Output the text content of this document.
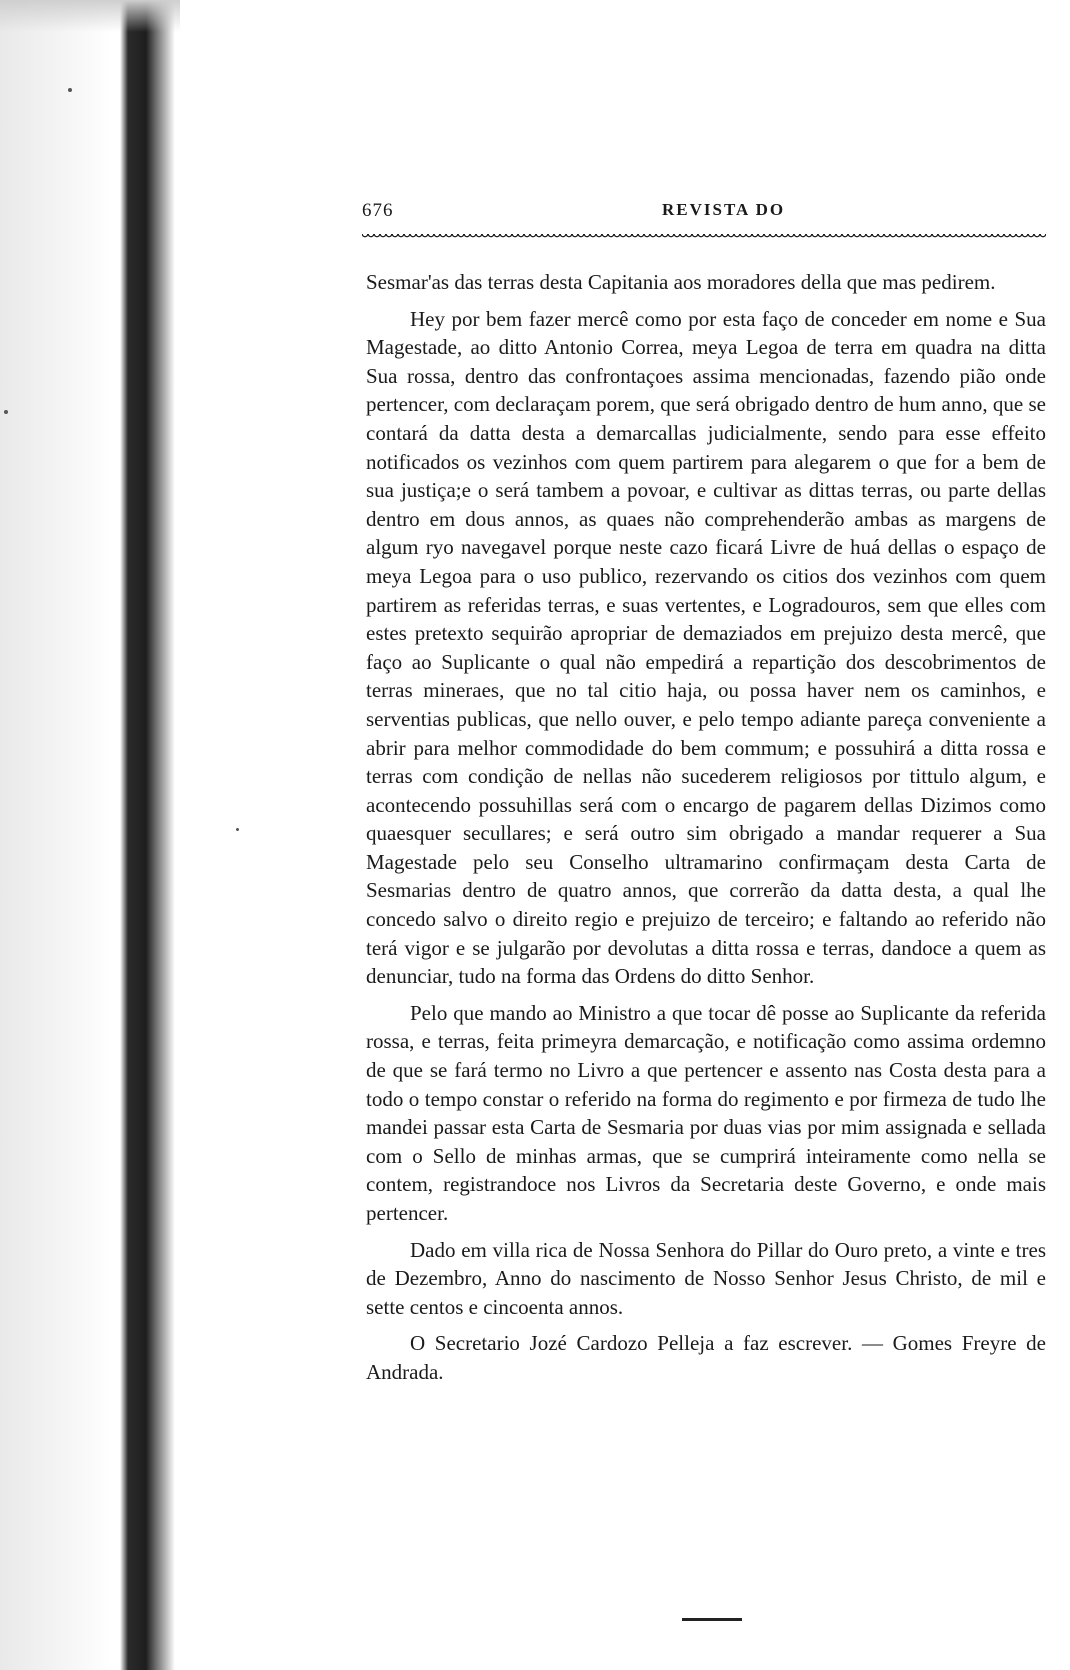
676	REVISTA DO

Sesmar'as das terras desta Capitania aos moradores della que mas pedirem.

Hey por bem fazer mercê como por esta faço de conceder em nome e Sua Magestade, ao ditto Antonio Correa, meya Legoa de terra em quadra na ditta Sua rossa, dentro das confrontaçoes assima mencionadas, fazendo pião onde pertencer, com declaraçam porem, que será obrigado dentro de hum anno, que se contará da datta desta a demarcallas judicialmente, sendo para esse effeito notificados os vezinhos com quem partirem para alegarem o que for a bem de sua justiça;e o será tambem a povoar, e cultivar as dittas terras, ou parte dellas dentro em dous annos, as quaes não comprehenderão ambas as margens de algum ryo navegavel porque neste cazo ficará Livre de huá dellas o espaço de meya Legoa para o uso publico, rezervando os citios dos vezinhos com quem partirem as referidas terras, e suas vertentes, e Logradouros, sem que elles com estes pretexto sequirão apropriar de demaziados em prejuizo desta mercê, que faço ao Suplicante o qual não empedirá a repartição dos descobrimentos de terras mineraes, que no tal citio haja, ou possa haver nem os caminhos, e serventias publicas, que nello ouver, e pelo tempo adiante pareça conveniente a abrir para melhor commodidade do bem commum; e possuhirá a ditta rossa e terras com condição de nellas não sucederem religiosos por tittulo algum, e acontecendo possuhillas será com o encargo de pagarem dellas Dizimos como quaesquer secullares; e será outro sim obrigado a mandar requerer a Sua Magestade pelo seu Conselho ultramarino confirmaçam desta Carta de Sesmarias dentro de quatro annos, que correrão da datta desta, a qual lhe concedo salvo o direito regio e prejuizo de terceiro; e faltando ao referido não terá vigor e se julgarão por devolutas a ditta rossa e terras, dandoce a quem as denunciar, tudo na forma das Ordens do ditto Senhor.

Pelo que mando ao Ministro a que tocar dê posse ao Suplicante da referida rossa, e terras, feita primeyra demarcação, e notificação como assima ordemno de que se fará termo no Livro a que pertencer e assento nas Costa desta para a todo o tempo constar o referido na forma do regimento e por firmeza de tudo lhe mandei passar esta Carta de Sesmaria por duas vias por mim assignada e sellada com o Sello de minhas armas, que se cumprirá inteiramente como nella se contem, registrandoce nos Livros da Secretaria deste Governo, e onde mais pertencer.

Dado em villa rica de Nossa Senhora do Pillar do Ouro preto, a vinte e tres de Dezembro, Anno do nascimento de Nosso Senhor Jesus Christo, de mil e sette centos e cincoenta annos.

O Secretario Jozé Cardozo Pelleja a faz escrever. — Gomes Freyre de Andrada.
